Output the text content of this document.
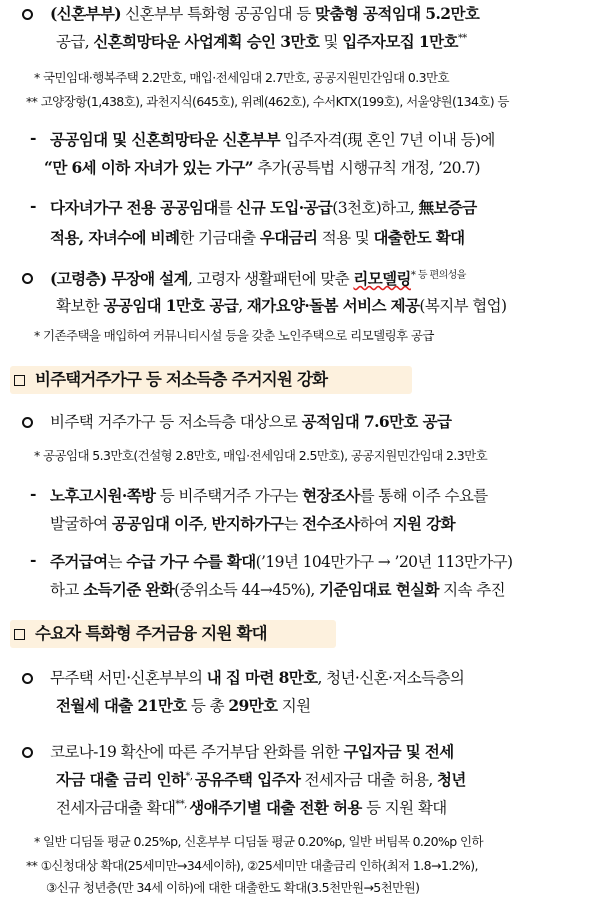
(신혼부부) 신혼부부 특화형 공공임대 등 맞춤형 공적임대 5.2만호
공급, 신혼희망타운 사업계획 승인 3만호 및 입주자모집 1만호**
* 국민임대·행복주택 2.2만호, 매입·전세임대 2.7만호, 공공지원민간임대 0.3만호
** 고양장항(1,438호), 과천지식(645호), 위례(462호), 수서KTX(199호), 서울양원(134호) 등
- 공공임대 및 신혼희망타운 신혼부부 입주자격(現 혼인 7년 이내 등)에
“만 6세 이하 자녀가 있는 가구” 추가(공특법 시행규칙 개정, ’20.7)
- 다자녀가구 전용 공공임대를 신규 도입·공급(3천호)하고, 無보증금
적용, 자녀수에 비례한 기금대출 우대금리 적용 및 대출한도 확대
(고령층) 무장애 설계, 고령자 생활패턴에 맞춘 리모델링$^{* 등 편의성을}$
확보한 공공임대 1만호 공급, 재가요양·돌봄 서비스 제공(복지부 협업)
* 기존주택을 매입하여 커뮤니티시설 등을 갖춘 노인주택으로 리모델링후 공급
비주택거주가구 등 저소득층 주거지원 강화
비주택 거주가구 등 저소득층 대상으로 공적임대 7.6만호 공급
* 공공임대 5.3만호(건설형 2.8만호, 매입·전세임대 2.5만호), 공공지원민간임대 2.3만호
- 노후고시원·쪽방 등 비주택거주 가구는 현장조사를 통해 이주 수요를
발굴하여 공공임대 이주, 반지하가구는 전수조사하여 지원 강화
- 주거급여는 수급 가구 수를 확대(’19년 104만가구 → ’20년 113만가구)
하고 소득기준 완화(중위소득 44→45%), 기준임대료 현실화 지속 추진
수요자 특화형 주거금융 지원 확대
무주택 서민·신혼부부의 내 집 마련 8만호, 청년·신혼·저소득층의
전월세 대출 21만호 등 총 29만호 지원
코로나-19 확산에 따른 주거부담 완화를 위한 구입자금 및 전세
자금 대출 금리 인하*, 공유주택 입주자 전세자금 대출 허용, 청년
전세자금대출 확대**, 생애주기별 대출 전환 허용 등 지원 확대
* 일반 디딤돌 평균 0.25%p, 신혼부부 디딤돌 평균 0.20%p, 일반 버팀목 0.20%p 인하
** ①신청대상 확대(25세미만→34세이하), ②25세미만 대출금리 인하(최저 1.8→1.2%),
③신규 청년층(만 34세 이하)에 대한 대출한도 확대(3.5천만원→5천만원)
